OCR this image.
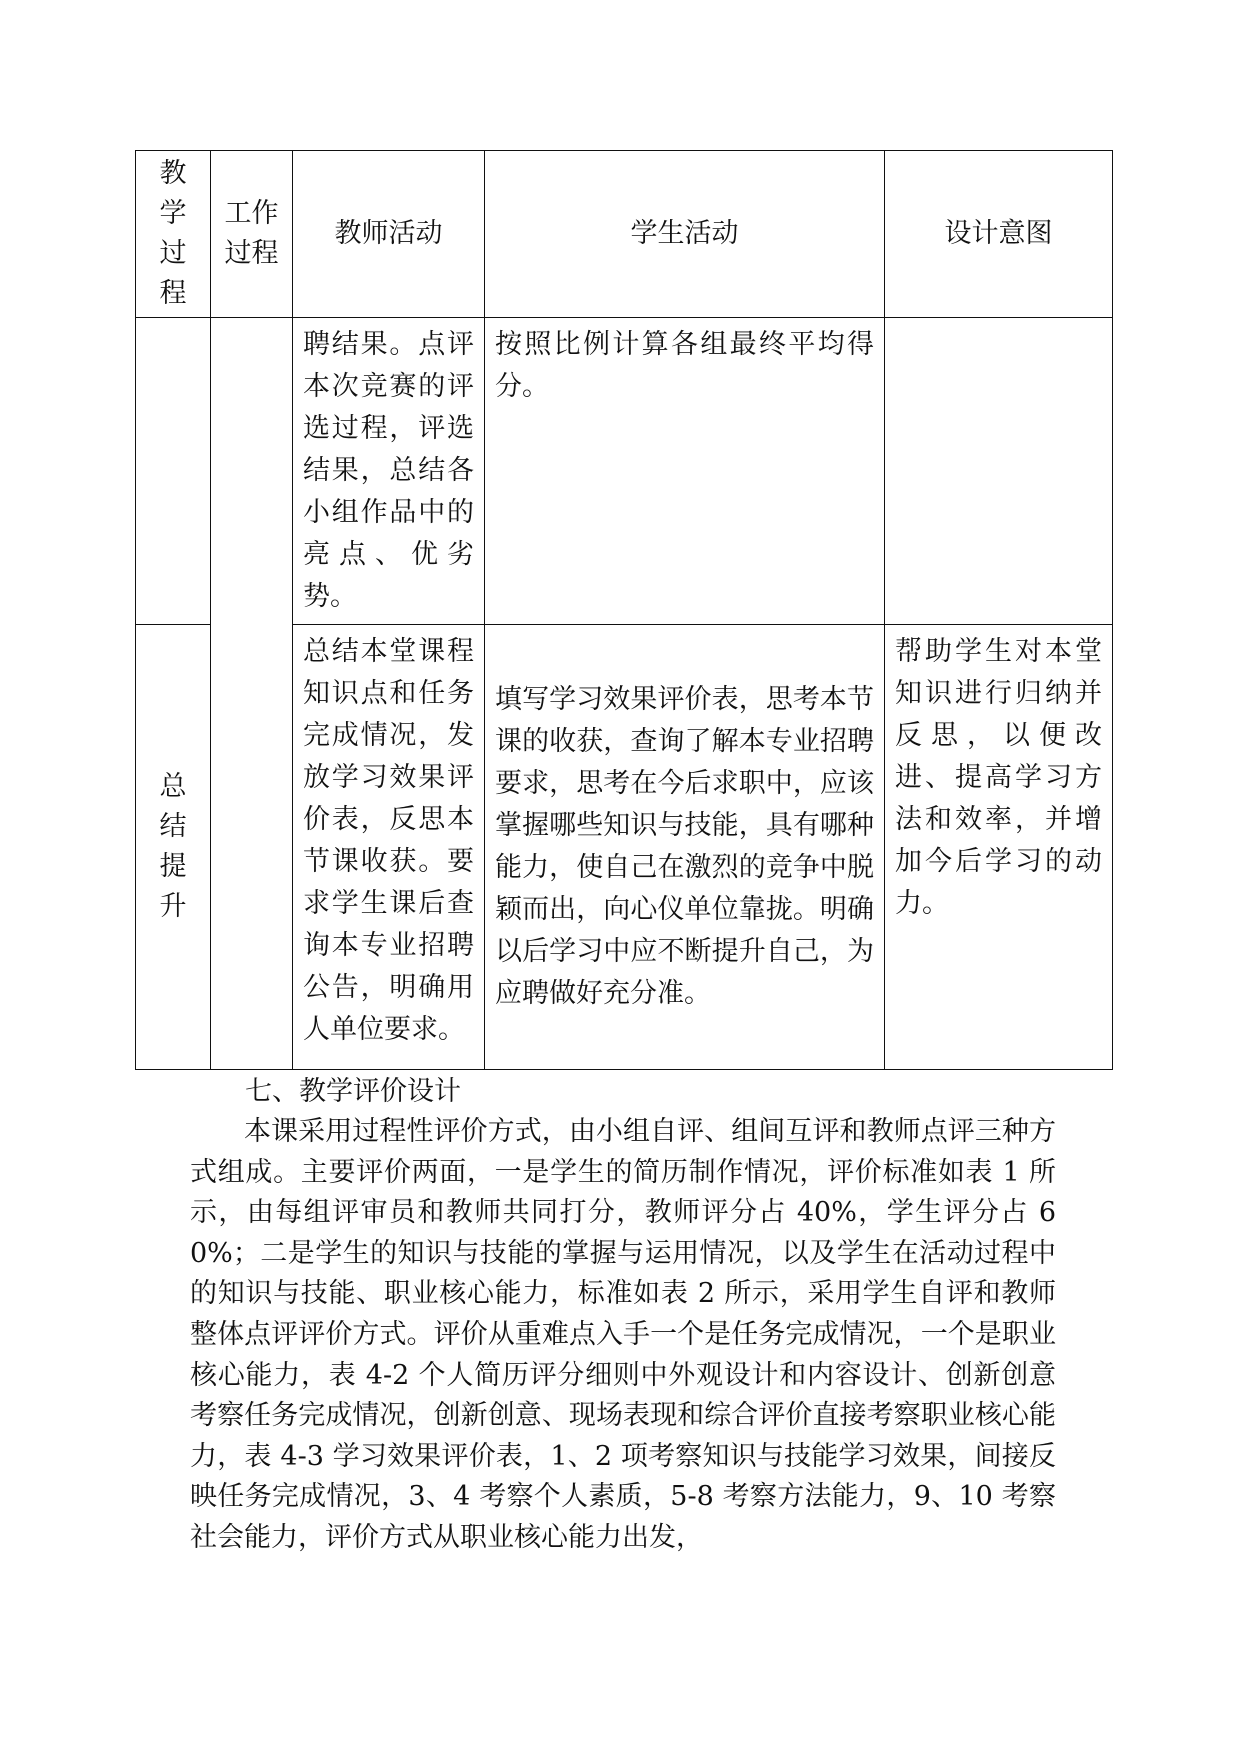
教学过程	工作过程	教师活动	学生活动	设计意图

		聘结果。点评本次竞赛的评选过程，评选结果，总结各小组作品中的亮点、优劣势。	按照比例计算各组最终平均得分。	

总结提升		总结本堂课程知识点和任务完成情况，发放学习效果评价表，反思本节课收获。要求学生课后查询本专业招聘公告，明确用人单位要求。	填写学习效果评价表，思考本节课的收获，查询了解本专业招聘要求，思考在今后求职中，应该掌握哪些知识与技能，具有哪种能力，使自己在激烈的竞争中脱颖而出，向心仪单位靠拢。明确以后学习中应不断提升自己，为应聘做好充分准。	帮助学生对本堂知识进行归纳并反思，以便改进、提高学习方法和效率，并增加今后学习的动力。
七、教学评价设计
本课采用过程性评价方式，由小组自评、组间互评和教师点评三种方式组成。主要评价两面，一是学生的简历制作情况，评价标准如表 1 所示，由每组评审员和教师共同打分，教师评分占 40%，学生评分占 60%；二是学生的知识与技能的掌握与运用情况，以及学生在活动过程中的知识与技能、职业核心能力，标准如表 2 所示，采用学生自评和教师整体点评评价方式。评价从重难点入手一个是任务完成情况，一个是职业核心能力，表 4-2 个人简历评分细则中外观设计和内容设计、创新创意考察任务完成情况，创新创意、现场表现和综合评价直接考察职业核心能力，表 4-3 学习效果评价表，1、2 项考察知识与技能学习效果，间接反映任务完成情况，3、4 考察个人素质，5-8 考察方法能力，9、10 考察社会能力，评价方式从职业核心能力出发，
